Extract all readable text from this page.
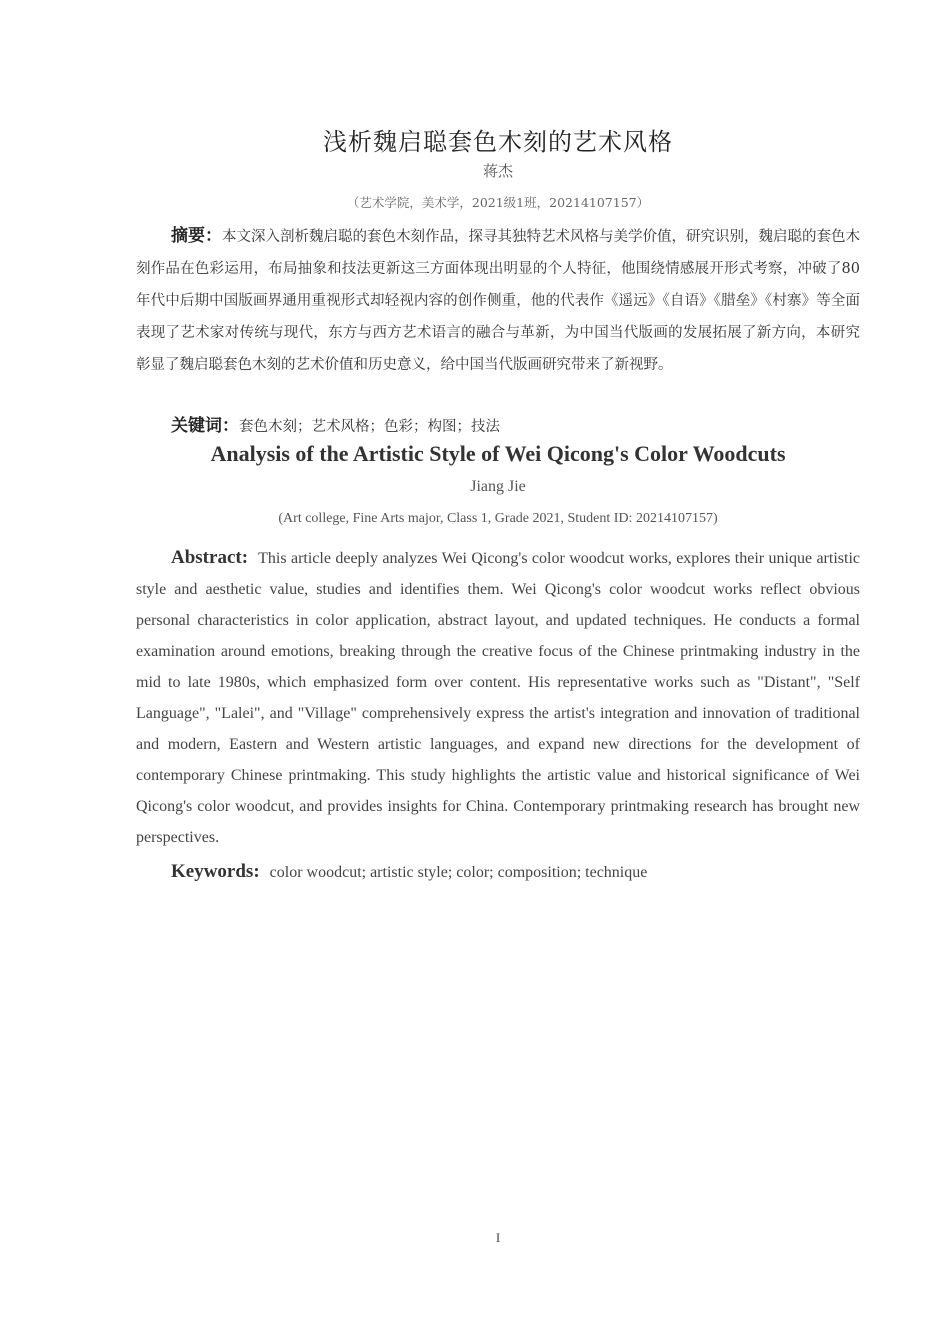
浅析魏启聪套色木刻的艺术风格
蒋杰
（艺术学院，美术学，2021级1班，20214107157）
摘要：本文深入剖析魏启聪的套色木刻作品，探寻其独特艺术风格与美学价值，研究识别，魏启聪的套色木刻作品在色彩运用，布局抽象和技法更新这三方面体现出明显的个人特征，他围绕情感展开形式考察，冲破了80年代中后期中国版画界通用重视形式却轻视内容的创作侧重，他的代表作《遥远》《自语》《腊垒》《村寨》等全面表现了艺术家对传统与现代，东方与西方艺术语言的融合与革新，为中国当代版画的发展拓展了新方向，本研究彰显了魏启聪套色木刻的艺术价值和历史意义，给中国当代版画研究带来了新视野。
关键词：套色木刻；艺术风格；色彩；构图；技法
Analysis of the Artistic Style of Wei Qicong's Color Woodcuts
Jiang Jie
(Art college, Fine Arts major, Class 1, Grade 2021, Student ID: 20214107157)
Abstract: This article deeply analyzes Wei Qicong's color woodcut works, explores their unique artistic style and aesthetic value, studies and identifies them. Wei Qicong's color woodcut works reflect obvious personal characteristics in color application, abstract layout, and updated techniques. He conducts a formal examination around emotions, breaking through the creative focus of the Chinese printmaking industry in the mid to late 1980s, which emphasized form over content. His representative works such as "Distant", "Self Language", "Lalei", and "Village" comprehensively express the artist's integration and innovation of traditional and modern, Eastern and Western artistic languages, and expand new directions for the development of contemporary Chinese printmaking. This study highlights the artistic value and historical significance of Wei Qicong's color woodcut, and provides insights for China. Contemporary printmaking research has brought new perspectives.
Keywords: color woodcut; artistic style; color; composition; technique
I
